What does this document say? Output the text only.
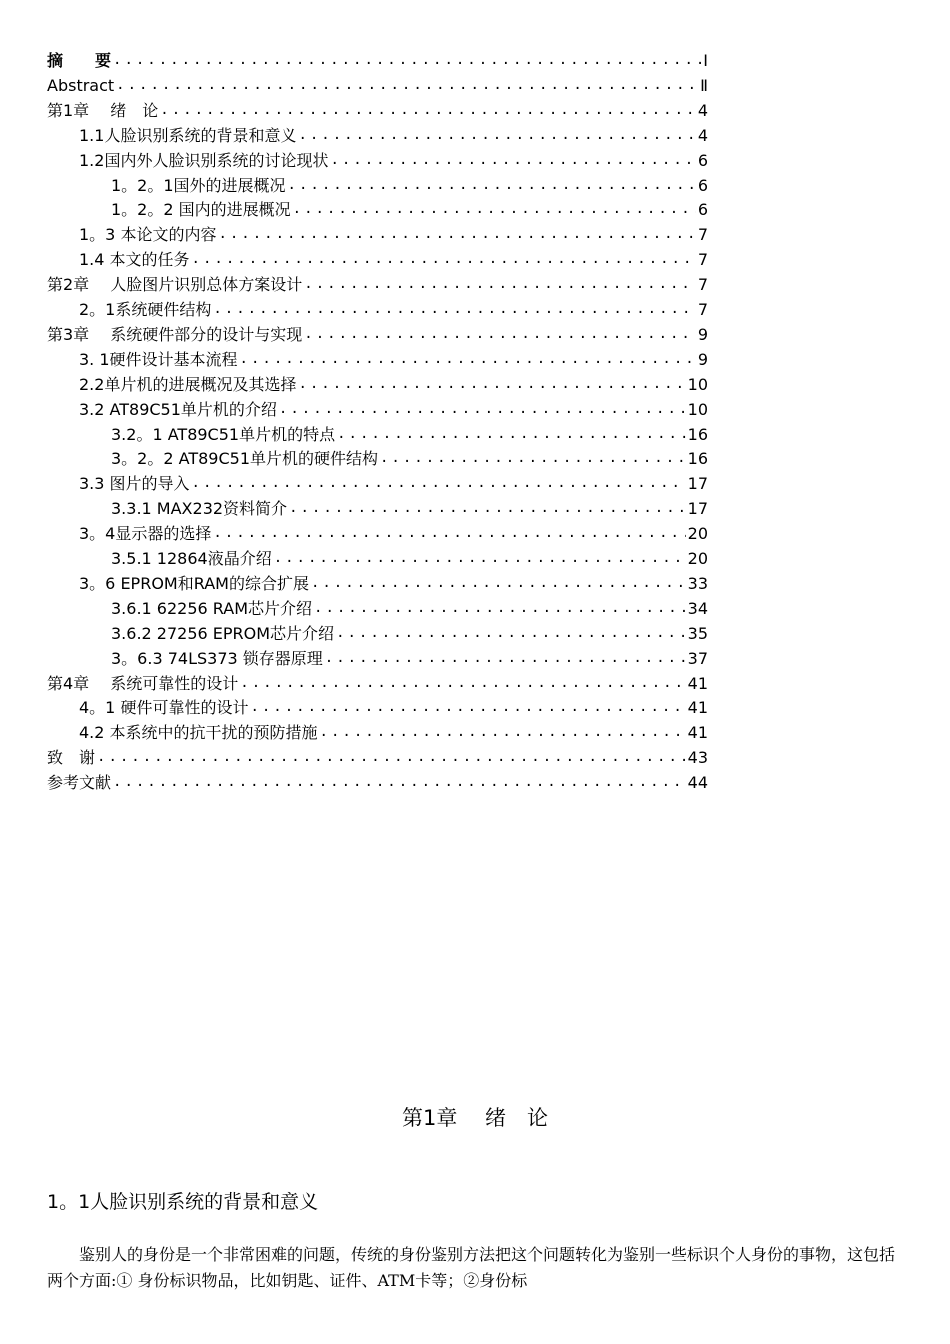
摘　　要 .....	Ⅰ
Abstract .....	Ⅱ
第1章　 绪　论 .....	4
1.1人脸识别系统的背景和意义 .....	4
1.2国内外人脸识别系统的讨论现状 .....	6
1。2。1国外的进展概况 .....	6
1。2。2 国内的进展概况 .....	6
1。3 本论文的内容 .....	7
1.4 本文的任务 .....	7
第2章　 人脸图片识别总体方案设计 .....	7
2。1系统硬件结构 .....	7
第3章　 系统硬件部分的设计与实现 .....	9
3. 1硬件设计基本流程 .....	9
2.2单片机的进展概况及其选择 .....	10
3.2 AT89C51单片机的介绍 .....	10
3.2。1 AT89C51单片机的特点 .....	16
3。2。2 AT89C51单片机的硬件结构 .....	16
3.3 图片的导入 .....	17
3.3.1 MAX232资料简介 .....	17
3。4显示器的选择 .....	20
3.5.1 12864液晶介绍 .....	20
3。6 EPROM和RAM的综合扩展 .....	33
3.6.1 62256 RAM芯片介绍 .....	34
3.6.2 27256 EPROM芯片介绍 .....	35
3。6.3 74LS373 锁存器原理 .....	37
第4章　 系统可靠性的设计 .....	41
4。1 硬件可靠性的设计 .....	41
4.2 本系统中的抗干扰的预防措施 .....	41
致　谢 .....	43
参考文献 .....	44
第1章　 绪　论
1。1人脸识别系统的背景和意义

鉴别人的身份是一个非常困难的问题，传统的身份鉴别方法把这个问题转化为鉴别一些标识个人身份的事物，这包括两个方面:① 身份标识物品，比如钥匙、证件、ATM卡等；②身份标
